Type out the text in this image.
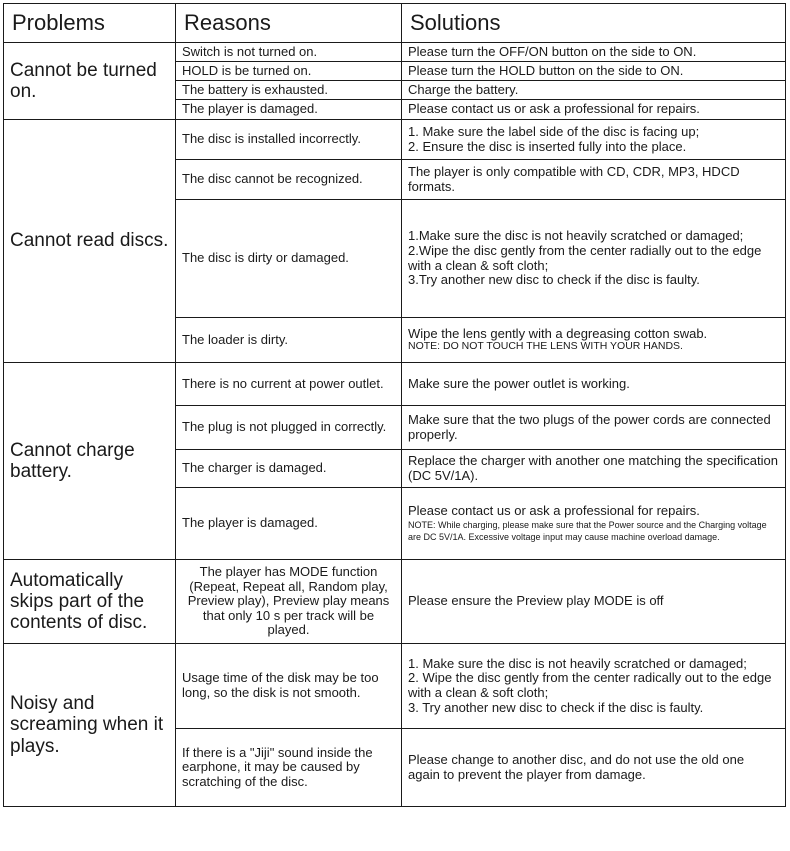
Problems	Reasons	Solutions
Cannot be turned on.	Switch is not turned on.	Please turn the OFF/ON button on the side to ON.
	HOLD is be turned on.	Please turn the HOLD button on the side to ON.
	The battery is exhausted.	Charge the battery.
	The player is damaged.	Please contact us or ask a professional for repairs.
Cannot read discs.	The disc is installed incorrectly.	1. Make sure the label side of the disc is facing up;
2. Ensure the disc is inserted fully into the place.

	The disc cannot be recognized.	The player is only compatible with CD, CDR, MP3, HDCD formats.
	The disc is dirty or damaged.	1.Make sure the disc is not heavily scratched or damaged;
2.Wipe the disc gently from the center radially out to the edge with a clean & soft cloth;
3.Try another new disc to check if the disc is faulty.

	The loader is dirty.	Wipe the lens gently with a degreasing cotton swab.
NOTE: DO NOT TOUCH THE LENS WITH YOUR HANDS.

Cannot charge battery.	There is no current at power outlet.	Make sure the power outlet is working.
	The plug is not plugged in correctly.	Make sure that the two plugs of the power cords are connected properly.
	The charger is damaged.	Replace the charger with another one matching the specification (DC 5V/1A).
	The player is damaged.	Please contact us or ask a professional for repairs.
NOTE: While charging, please make sure that the Power source and the Charging voltage are DC 5V/1A. Excessive voltage input may cause machine overload damage.

Automatically skips part of the contents of disc.	The player has MODE function (Repeat, Repeat all, Random play, Preview play), Preview play means that only 10 s per track will be played.	Please ensure the Preview play MODE is off
Noisy and screaming when it plays.	Usage time of the disk may be too long, so the disk is not smooth.	1. Make sure the disc is not heavily scratched or damaged;
2. Wipe the disc gently from the center radically out to the edge with a clean & soft cloth;
3. Try another new disc to check if the disc is faulty.

	If there is a "Jiji" sound inside the earphone, it may be caused by scratching of the disc.	Please change to another disc, and do not use the old one again to prevent the player from damage.
